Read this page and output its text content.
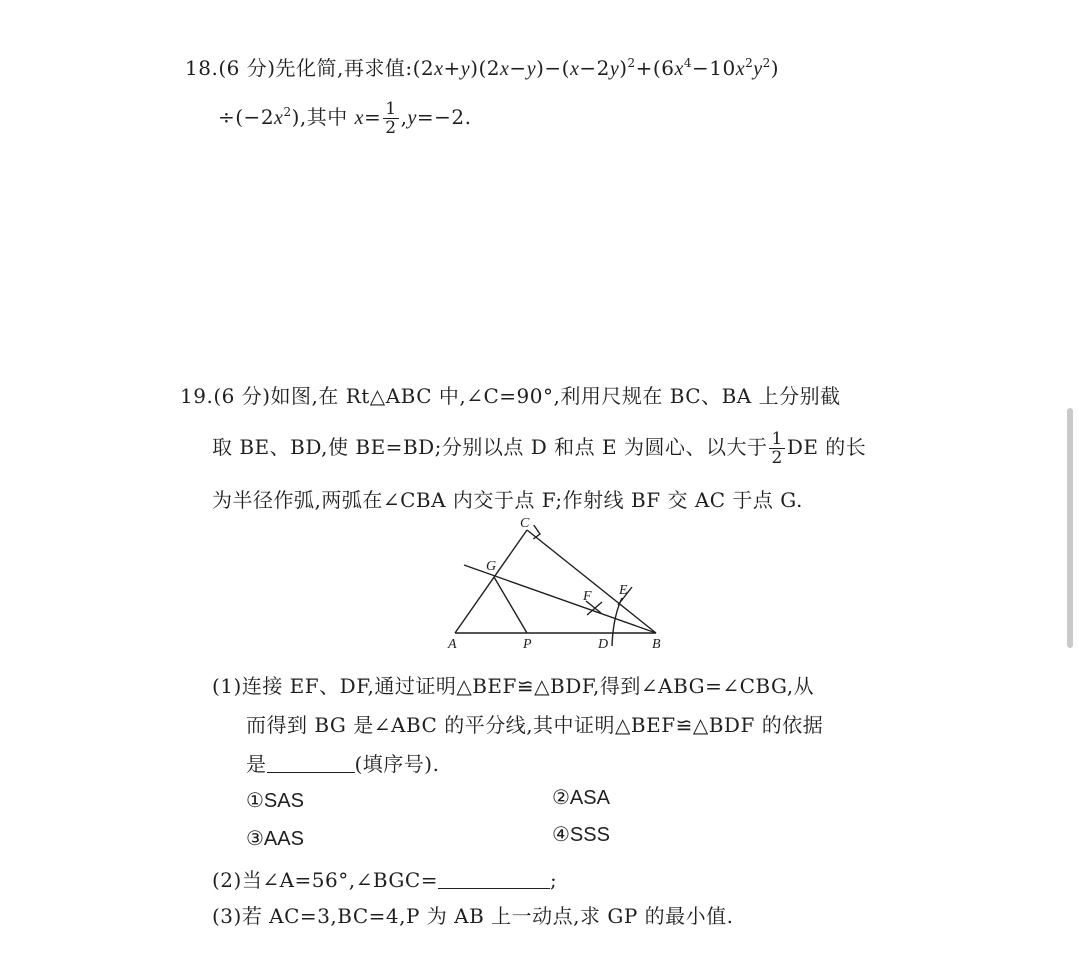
18.(6 分)先化简,再求值$:(2x+y)(2x-y)-(x-2y)^2+(6x^4-10x^2y^2)$
$\div(-2x^2)$,其中 $x= \frac{1}{2} ,y=-2$.
19.(6 分)如图,在 Rt△ABC 中,∠C=90°,利用尺规在 BC、BA 上分别截
取 BE、BD,使 BE=BD;分别以点 D 和点 E 为圆心、以大于 $\frac{1}{2}$ DE 的长
为半径作弧,两弧在∠CBA 内交于点 F;作射线 BF 交 AC 于点 G.
C
G
F E
A	P	D	B
(1)连接 EF、DF,通过证明△BEF≌△BDF,得到∠ABG=∠CBG,从
而得到 BG 是∠ABC 的平分线,其中证明△BEF≌△BDF 的依据
是	(填序号).
①SAS	②ASA
③AAS	④SSS
(2)当∠A=56°,∠BGC=	;
(3)若 AC=3,BC=4,P 为 AB 上一动点,求 GP 的最小值.
